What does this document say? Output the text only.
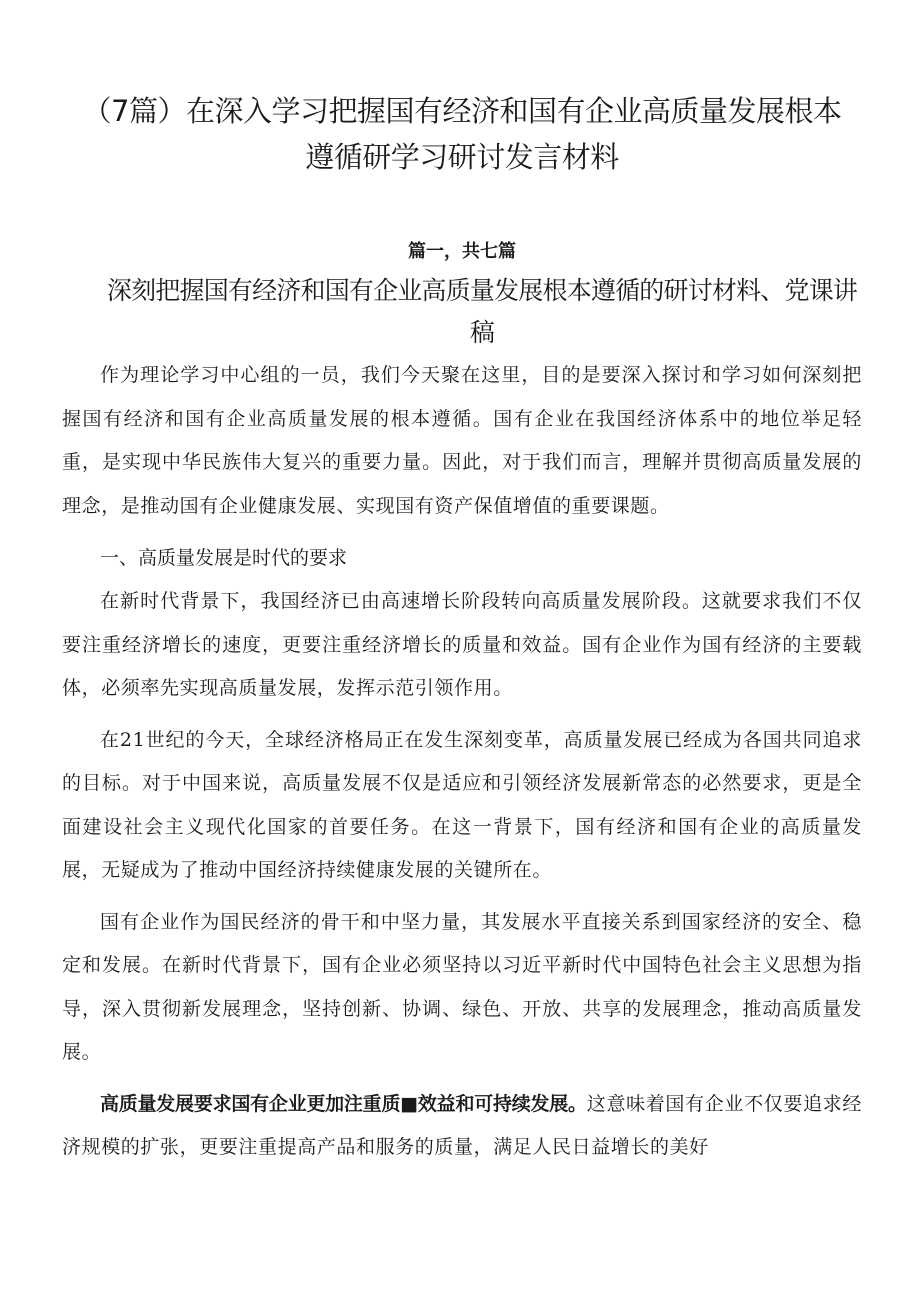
（7篇）在深入学习把握国有经济和国有企业高质量发展根本遵循研学习研讨发言材料
篇一，共七篇
深刻把握国有经济和国有企业高质量发展根本遵循的研讨材料、党课讲稿

作为理论学习中心组的一员，我们今天聚在这里，目的是要深入探讨和学习如何深刻把握国有经济和国有企业高质量发展的根本遵循。国有企业在我国经济体系中的地位举足轻重，是实现中华民族伟大复兴的重要力量。因此，对于我们而言，理解并贯彻高质量发展的理念，是推动国有企业健康发展、实现国有资产保值增值的重要课题。

一、高质量发展是时代的要求

在新时代背景下，我国经济已由高速增长阶段转向高质量发展阶段。这就要求我们不仅要注重经济增长的速度，更要注重经济增长的质量和效益。国有企业作为国有经济的主要载体，必须率先实现高质量发展，发挥示范引领作用。

在21世纪的今天，全球经济格局正在发生深刻变革，高质量发展已经成为各国共同追求的目标。对于中国来说，高质量发展不仅是适应和引领经济发展新常态的必然要求，更是全面建设社会主义现代化国家的首要任务。在这一背景下，国有经济和国有企业的高质量发展，无疑成为了推动中国经济持续健康发展的关键所在。

国有企业作为国民经济的骨干和中坚力量，其发展水平直接关系到国家经济的安全、稳定和发展。在新时代背景下，国有企业必须坚持以习近平新时代中国特色社会主义思想为指导，深入贯彻新发展理念，坚持创新、协调、绿色、开放、共享的发展理念，推动高质量发展。

高质量发展要求国有企业更加注重质■效益和可持续发展。这意味着国有企业不仅要追求经济规模的扩张，更要注重提高产品和服务的质量，满足人民日益增长的美好
